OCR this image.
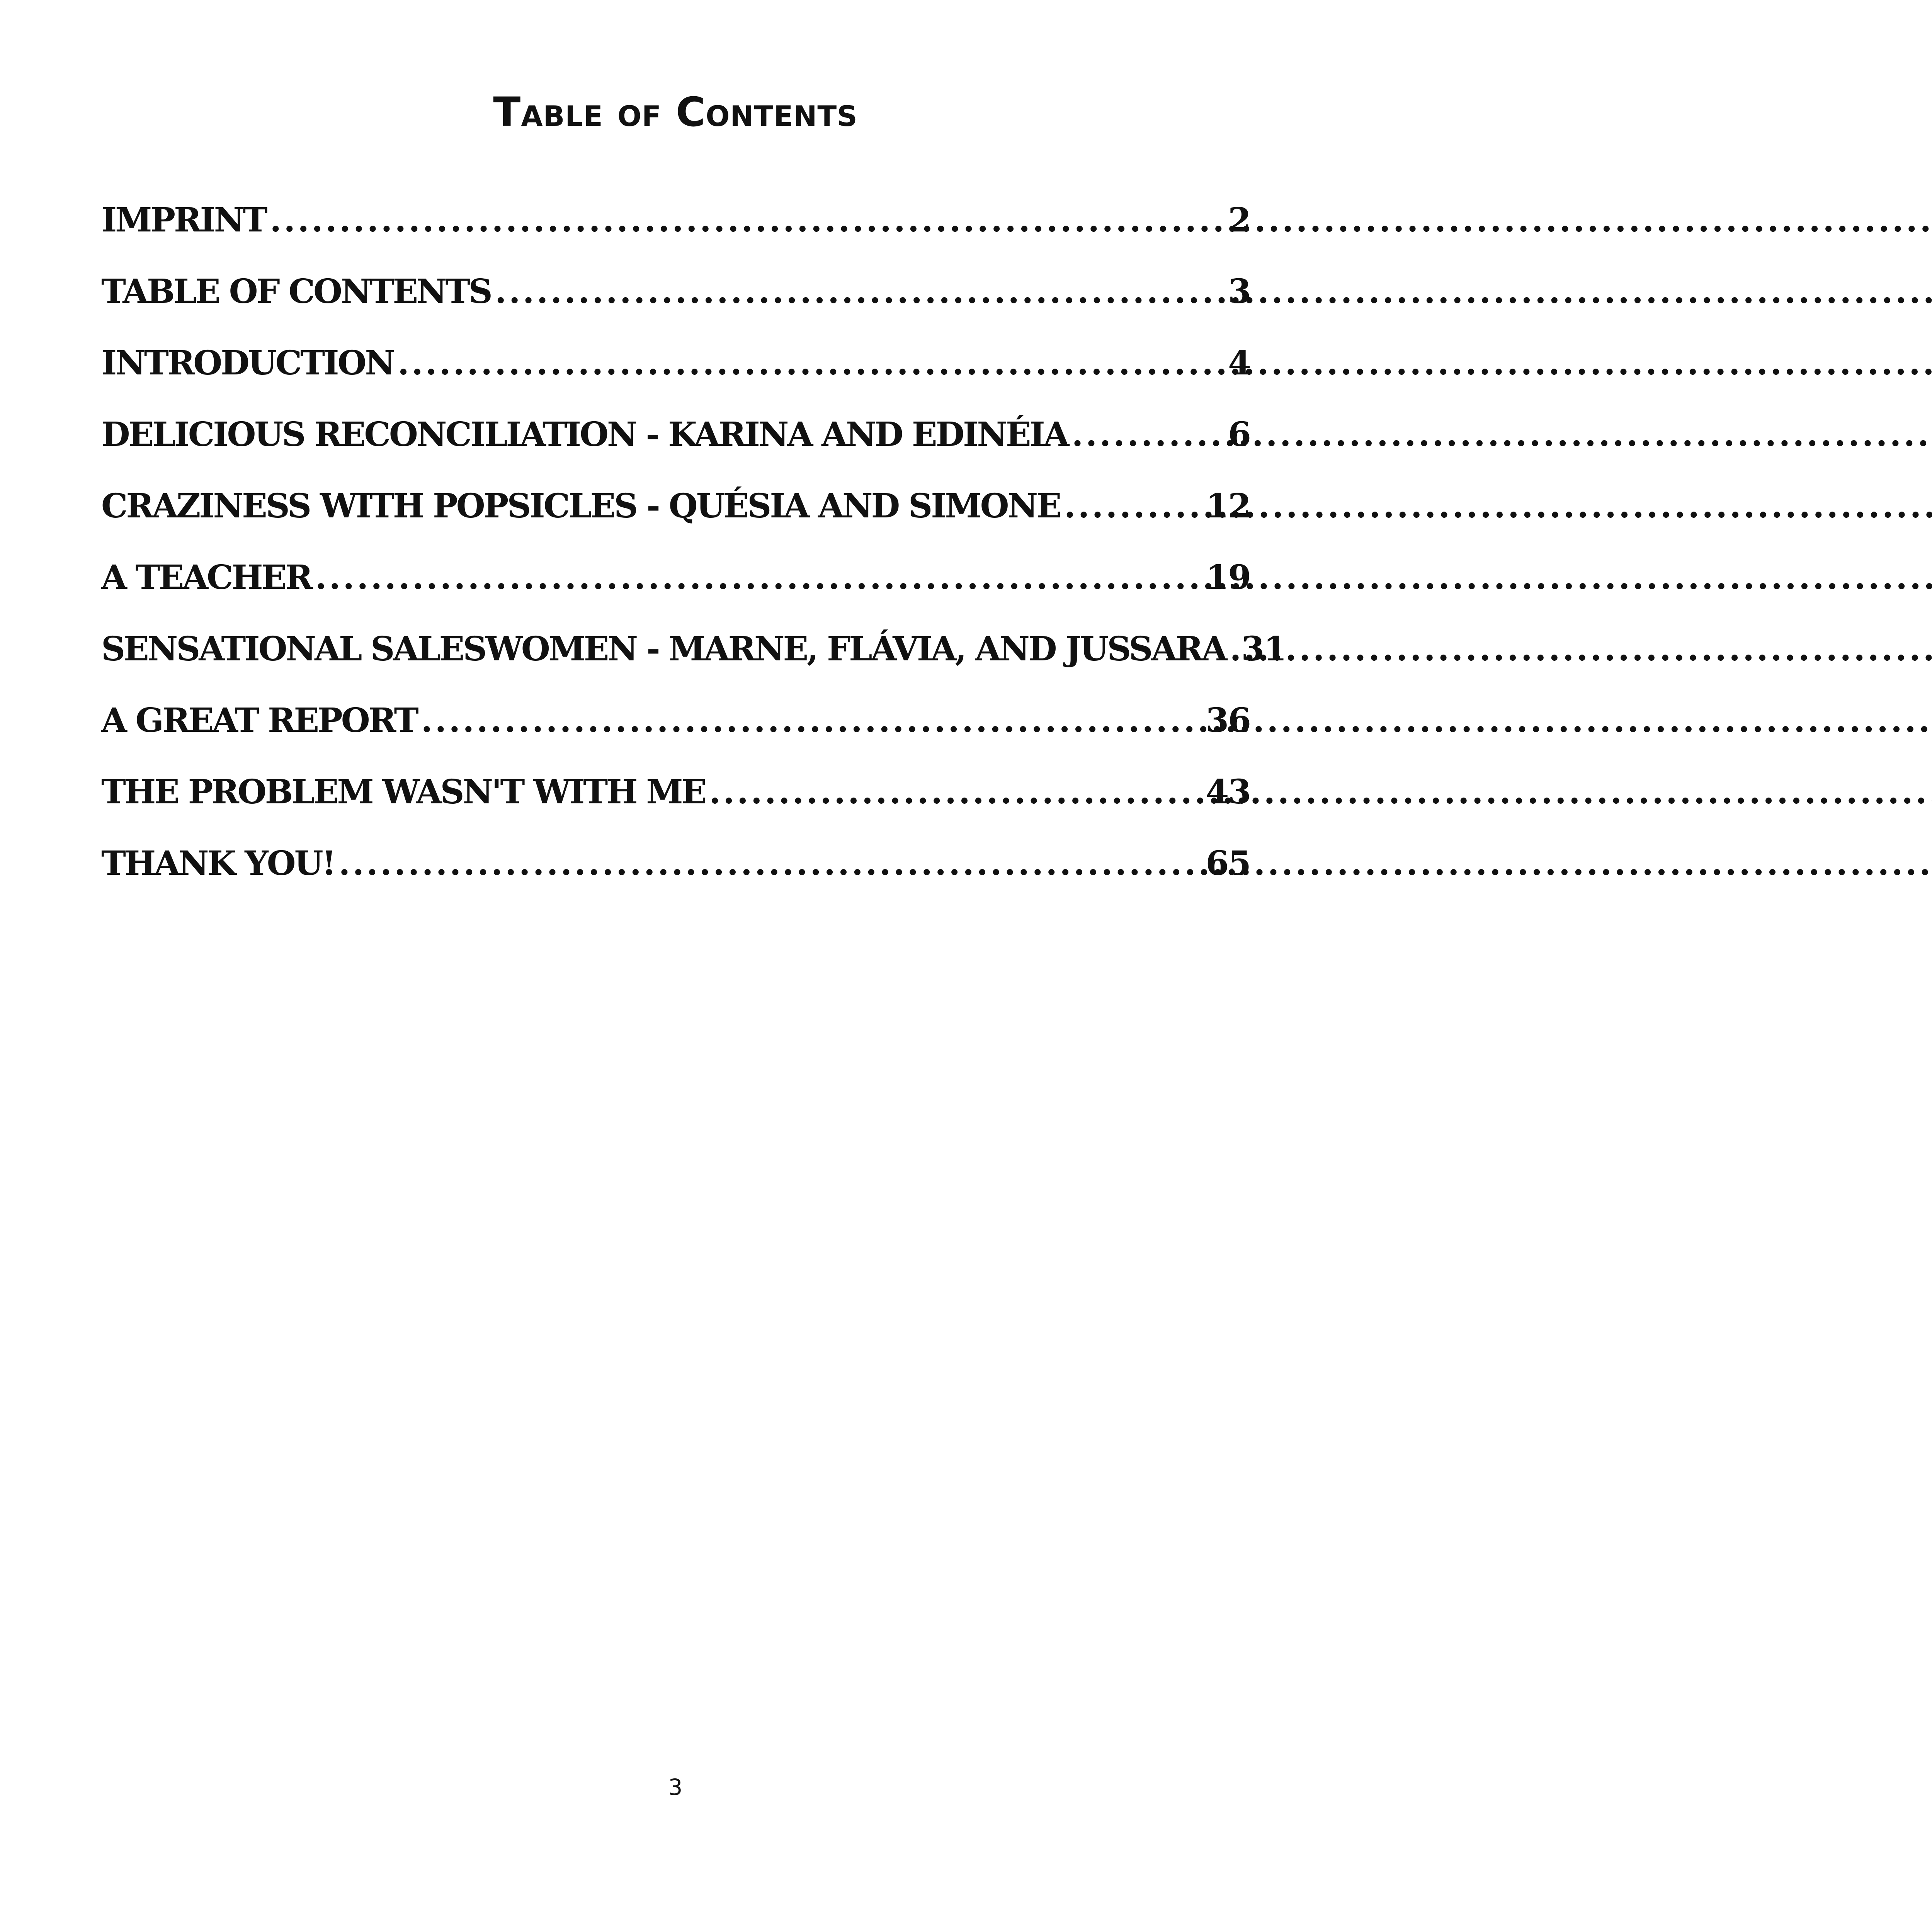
Table of Contents
IMPRINT . . .	2
TABLE OF CONTENTS . . .	3
INTRODUCTION . . .	4
DELICIOUS RECONCILIATION - KARINA AND EDINÉIA . . .	6
CRAZINESS WITH POPSICLES - QUÉSIA AND SIMONE . . .	12
A TEACHER . . .	19
SENSATIONAL SALESWOMEN - MARNE, FLÁVIA, AND JUSSARA . . . 31
A GREAT REPORT . . .	36
THE PROBLEM WASN'T WITH ME . . .	43
THANK YOU! . . .	65
3
